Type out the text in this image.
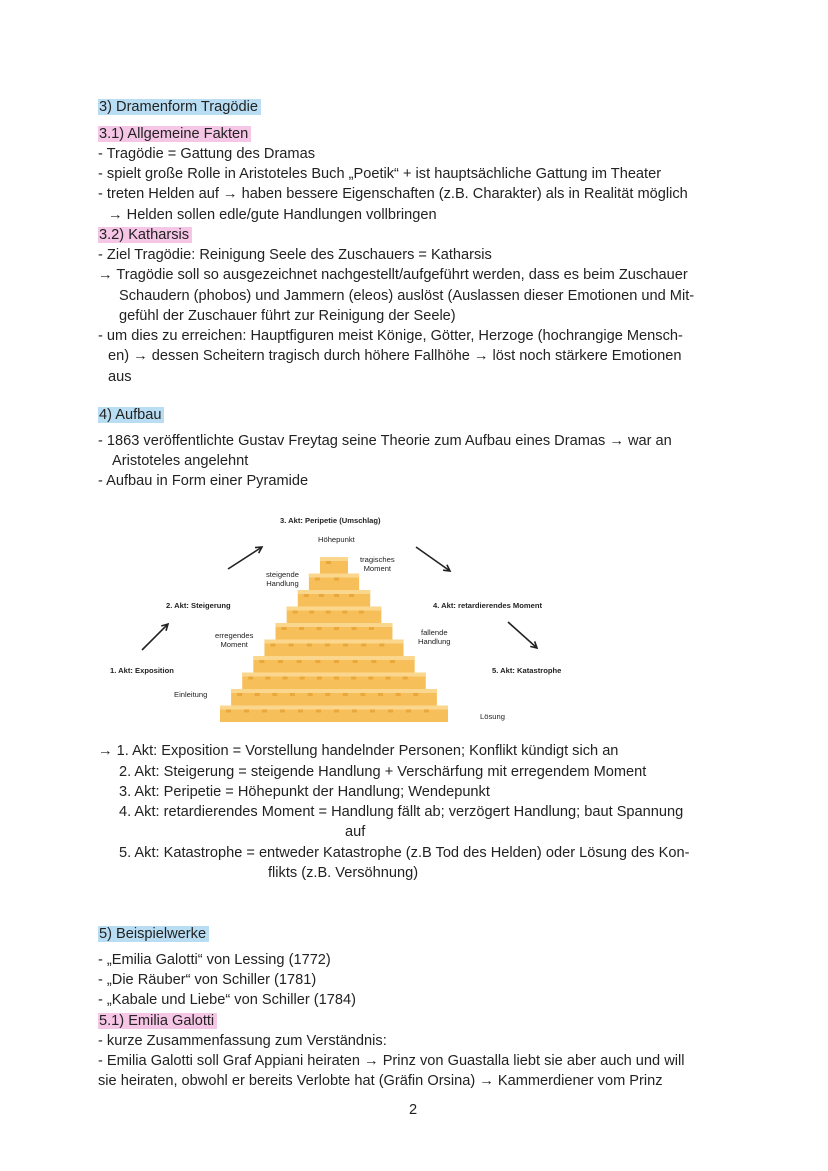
3) Dramenform Tragödie
3.1) Allgemeine Fakten
- Tragödie = Gattung des Dramas
- spielt große Rolle in Aristoteles Buch „Poetik“ + ist hauptsächliche Gattung im Theater
- treten Helden auf → haben bessere Eigenschaften (z.B. Charakter) als in Realität möglich
→ Helden sollen edle/gute Handlungen vollbringen
3.2) Katharsis
- Ziel Tragödie: Reinigung Seele des Zuschauers = Katharsis
→ Tragödie soll so ausgezeichnet nachgestellt/aufgeführt werden, dass es beim Zuschauer
Schaudern (phobos) und Jammern (eleos) auslöst (Auslassen dieser Emotionen und Mit-
gefühl der Zuschauer führt zur Reinigung der Seele)
- um dies zu erreichen: Hauptfiguren meist Könige, Götter, Herzoge (hochrangige Mensch-
en) → dessen Scheitern tragisch durch höhere Fallhöhe → löst noch stärkere Emotionen
aus
4) Aufbau
- 1863 veröffentlichte Gustav Freytag seine Theorie zum Aufbau eines Dramas → war an
Aristoteles angelehnt
- Aufbau in Form einer Pyramide
3. Akt: Peripetie (Umschlag)
Höhepunkt
tragisches
Moment
steigende
Handlung
2. Akt: Steigerung	4. Akt: retardierendes Moment
erregendes
Moment
fallende
Handlung
1. Akt: Exposition	5. Akt: Katastrophe
Einleitung
Lösung
→ 1. Akt: Exposition = Vorstellung handelnder Personen; Konflikt kündigt sich an
2. Akt: Steigerung = steigende Handlung + Verschärfung mit erregendem Moment
3. Akt: Peripetie = Höhepunkt der Handlung; Wendepunkt
4. Akt: retardierendes Moment = Handlung fällt ab; verzögert Handlung; baut Spannung
auf
5. Akt: Katastrophe = entweder Katastrophe (z.B Tod des Helden) oder Lösung des Kon-
flikts (z.B. Versöhnung)
5) Beispielwerke
- „Emilia Galotti“ von Lessing (1772)
- „Die Räuber“ von Schiller (1781)
- „Kabale und Liebe“ von Schiller (1784)
5.1) Emilia Galotti
- kurze Zusammenfassung zum Verständnis:
- Emilia Galotti soll Graf Appiani heiraten → Prinz von Guastalla liebt sie aber auch und will
sie heiraten, obwohl er bereits Verlobte hat (Gräfin Orsina) → Kammerdiener vom Prinz
2
